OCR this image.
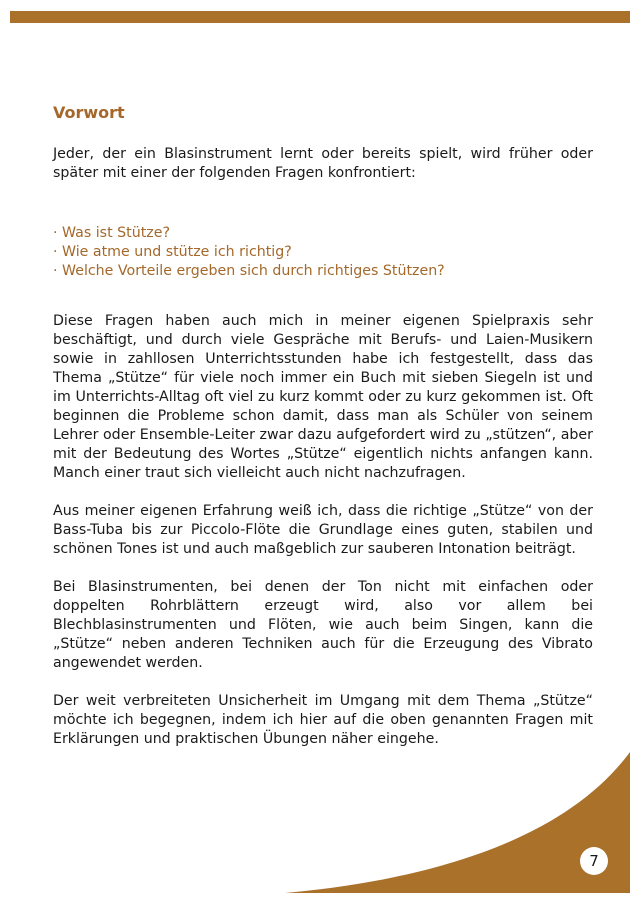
Vorwort

Jeder, der ein Blasinstrument lernt oder bereits spielt, wird früher oder später mit einer der folgenden Fragen konfrontiert:

· Was ist Stütze?
· Wie atme und stütze ich richtig?
· Welche Vorteile ergeben sich durch richtiges Stützen?

Diese Fragen haben auch mich in meiner eigenen Spielpraxis sehr beschäftigt, und durch viele Gespräche mit Berufs- und Laien-Musikern sowie in zahllosen Unterrichtsstunden habe ich festgestellt, dass das Thema „Stütze“ für viele noch immer ein Buch mit sieben Siegeln ist und im Unterrichts-Alltag oft viel zu kurz kommt oder zu kurz gekommen ist. Oft beginnen die Probleme schon damit, dass man als Schüler von seinem Lehrer oder Ensemble-Leiter zwar dazu aufgefordert wird zu „stützen“, aber mit der Bedeutung des Wortes „Stütze“ eigentlich nichts anfangen kann. Manch einer traut sich vielleicht auch nicht nachzufragen.

Aus meiner eigenen Erfahrung weiß ich, dass die richtige „Stütze“ von der Bass-Tuba bis zur Piccolo-Flöte die Grundlage eines guten, stabilen und schönen Tones ist und auch maßgeblich zur sauberen Intonation beiträgt.

Bei Blasinstrumenten, bei denen der Ton nicht mit einfachen oder doppelten Rohrblättern erzeugt wird, also vor allem bei Blechblasinstrumenten und Flöten, wie auch beim Singen, kann die „Stütze“ neben anderen Techniken auch für die Erzeugung des Vibrato angewendet werden.

Der weit verbreiteten Unsicherheit im Umgang mit dem Thema „Stütze“ möchte ich begegnen, indem ich hier auf die oben genannten Fragen mit Erklärungen und praktischen Übungen näher eingehe.

7
